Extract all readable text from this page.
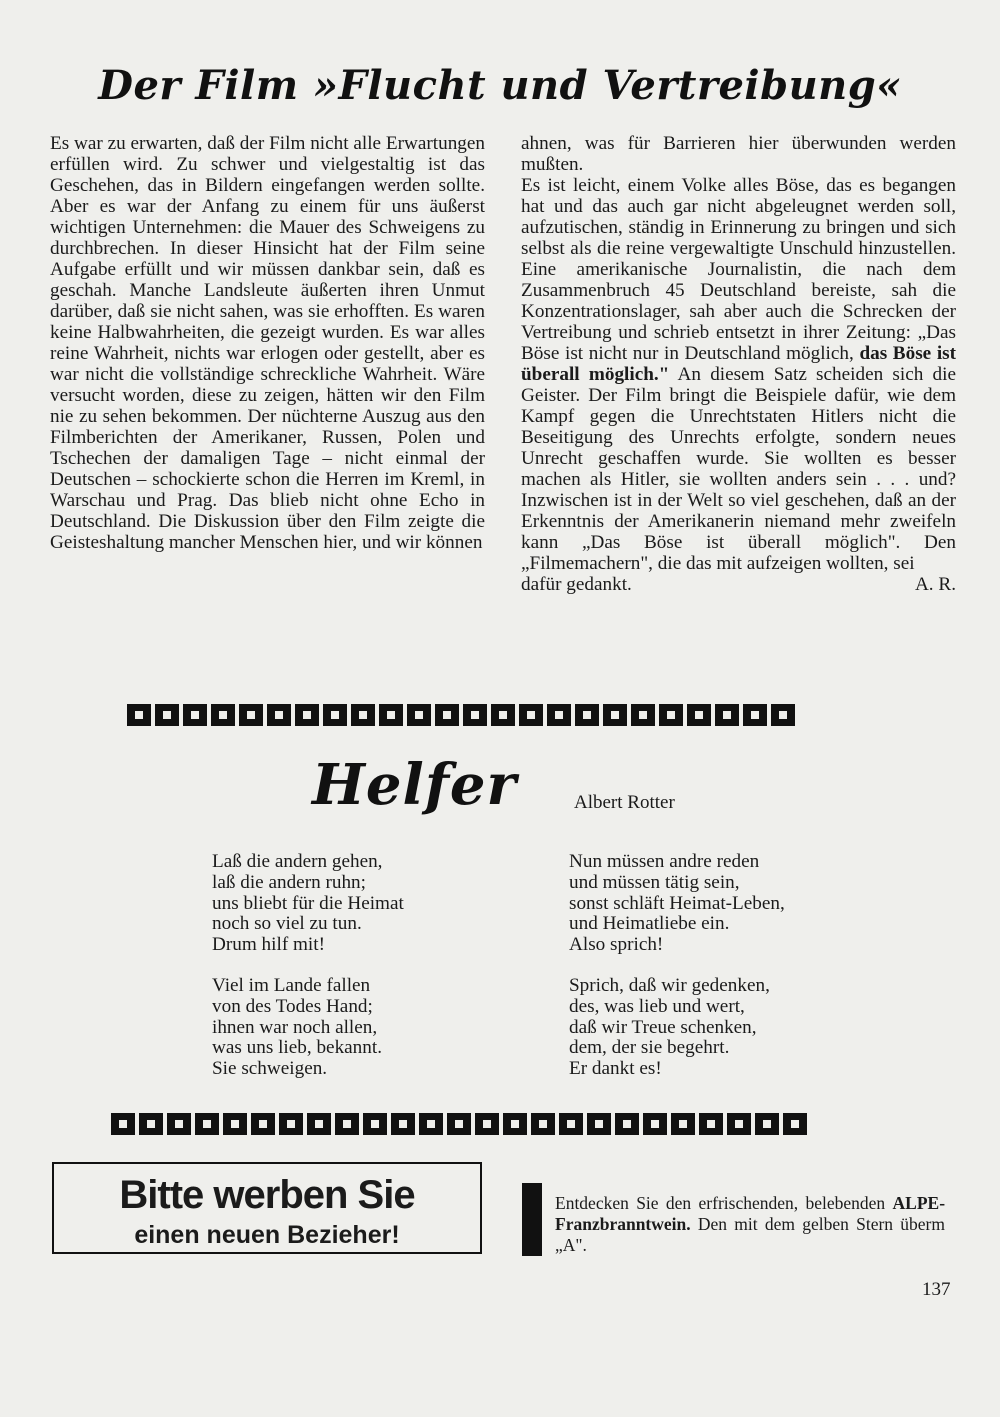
Der Film »Flucht und Vertreibung«

Es war zu erwarten, daß der Film nicht alle Erwartungen erfüllen wird. Zu schwer und vielgestaltig ist das Geschehen, das in Bildern eingefangen werden sollte. Aber es war der Anfang zu einem für uns äußerst wichtigen Unternehmen: die Mauer des Schweigens zu durchbrechen. In dieser Hinsicht hat der Film seine Aufgabe erfüllt und wir müssen dankbar sein, daß es geschah. Manche Landsleute äußerten ihren Unmut darüber, daß sie nicht sahen, was sie erhofften. Es waren keine Halbwahrheiten, die gezeigt wurden. Es war alles reine Wahrheit, nichts war erlogen oder gestellt, aber es war nicht die vollständige schreckliche Wahrheit. Wäre versucht worden, diese zu zeigen, hätten wir den Film nie zu sehen bekommen. Der nüchterne Auszug aus den Filmberichten der Amerikaner, Russen, Polen und Tschechen der damaligen Tage – nicht einmal der Deutschen – schockierte schon die Herren im Kreml, in Warschau und Prag. Das blieb nicht ohne Echo in Deutschland. Die Diskussion über den Film zeigte die Geisteshaltung mancher Menschen hier, und wir können

ahnen, was für Barrieren hier überwunden werden mußten.

Es ist leicht, einem Volke alles Böse, das es begangen hat und das auch gar nicht abgeleugnet werden soll, aufzutischen, ständig in Erinnerung zu bringen und sich selbst als die reine vergewaltigte Unschuld hinzustellen. Eine amerikanische Journalistin, die nach dem Zusammenbruch 45 Deutschland bereiste, sah die Konzentrationslager, sah aber auch die Schrecken der Vertreibung und schrieb entsetzt in ihrer Zeitung: „Das Böse ist nicht nur in Deutschland möglich, das Böse ist überall möglich." An diesem Satz scheiden sich die Geister. Der Film bringt die Beispiele dafür, wie dem Kampf gegen die Unrechtstaten Hitlers nicht die Beseitigung des Unrechts erfolgte, sondern neues Unrecht geschaffen wurde. Sie wollten es besser machen als Hitler, sie wollten anders sein . . . und? Inzwischen ist in der Welt so viel geschehen, daß an der Erkenntnis der Amerikanerin niemand mehr zweifeln kann „Das Böse ist überall möglich". Den „Filmemachern", die das mit aufzeigen wollten, sei

dafür gedankt.	A. R.
Helfer	Albert Rotter
Laß die andern gehen,
laß die andern ruhn;
uns bliebt für die Heimat
noch so viel zu tun.
Drum hilf mit!
Viel im Lande fallen
von des Todes Hand;
ihnen war noch allen,
was uns lieb, bekannt.
Sie schweigen.
Nun müssen andre reden
und müssen tätig sein,
sonst schläft Heimat-Leben,
und Heimatliebe ein.
Also sprich!
Sprich, daß wir gedenken,
des, was lieb und wert,
daß wir Treue schenken,
dem, der sie begehrt.
Er dankt es!
Bitte werben Sie
einen neuen Bezieher!
Entdecken Sie den erfrischenden, belebenden ALPE-Franzbranntwein. Den mit dem gelben Stern überm „A".
137
